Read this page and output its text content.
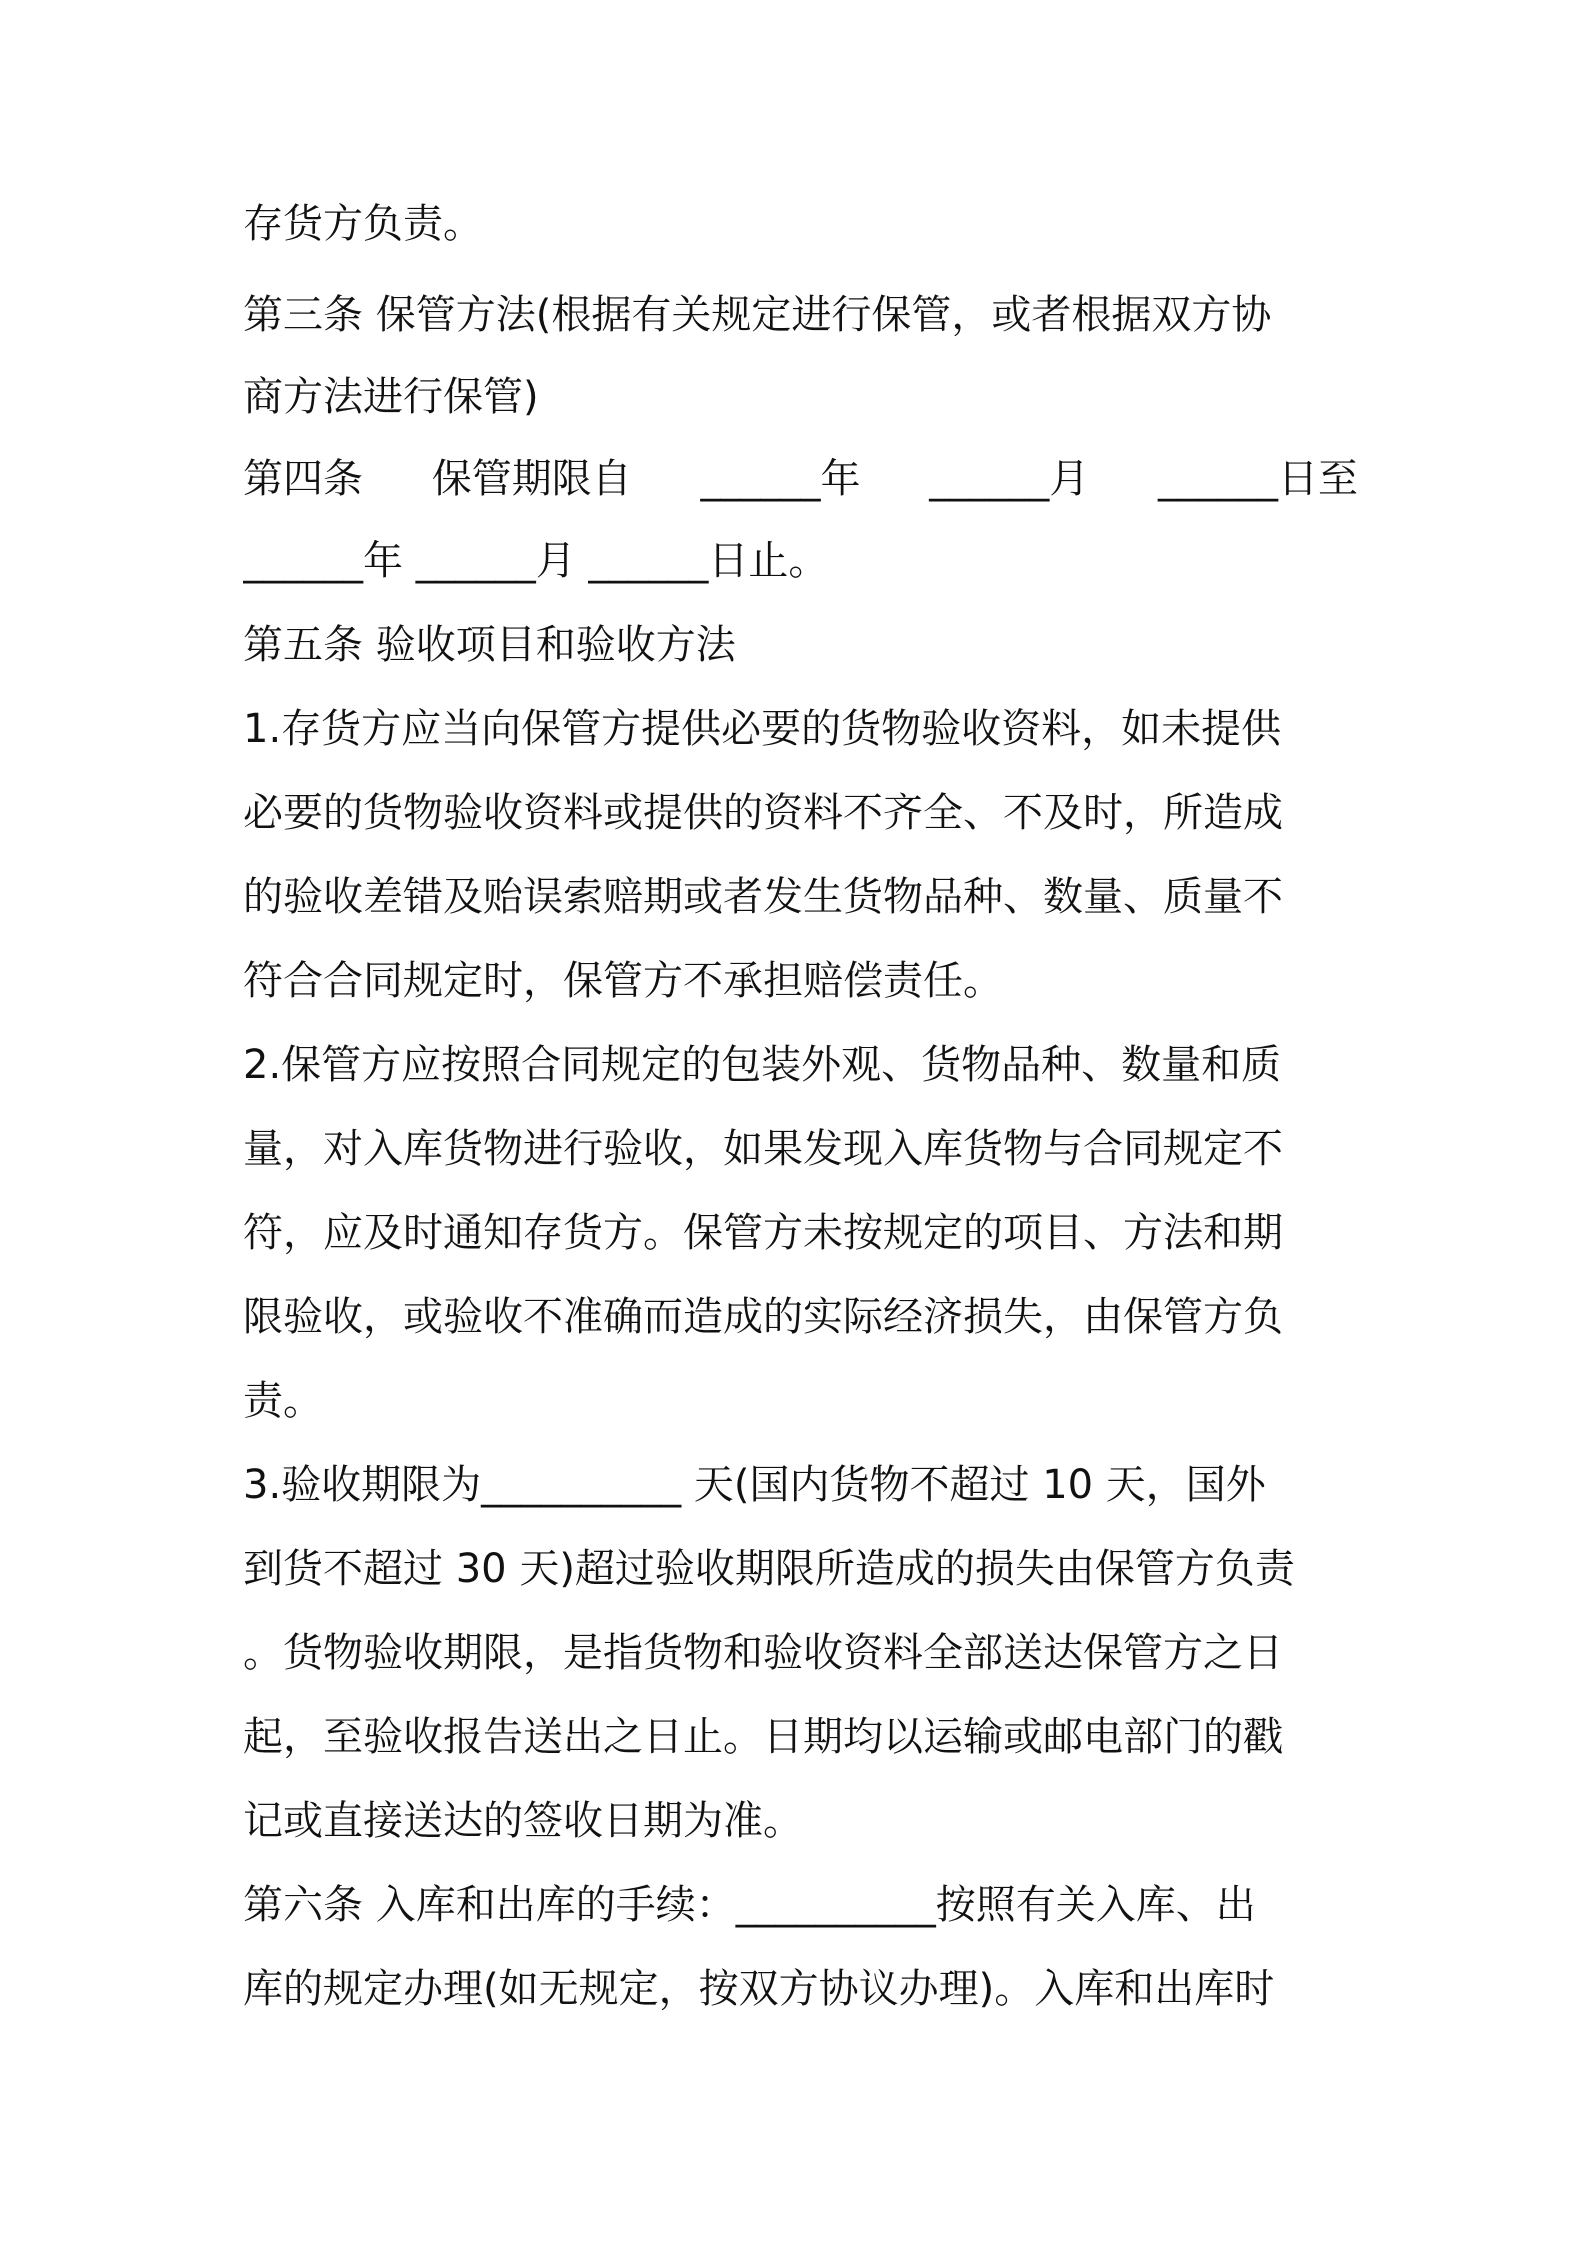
存货方负责。
第三条 保管方法(根据有关规定进行保管，或者根据双方协
商方法进行保管)
第四条 保管期限自 ______年 ______月 ______日至
______年 ______月 ______日止。
第五条 验收项目和验收方法
1.存货方应当向保管方提供必要的货物验收资料，如未提供
必要的货物验收资料或提供的资料不齐全、不及时，所造成
的验收差错及贻误索赔期或者发生货物品种、数量、质量不
符合合同规定时，保管方不承担赔偿责任。
2.保管方应按照合同规定的包装外观、货物品种、数量和质
量，对入库货物进行验收，如果发现入库货物与合同规定不
符，应及时通知存货方。保管方未按规定的项目、方法和期
限验收，或验收不准确而造成的实际经济损失，由保管方负
责。
3.验收期限为__________ 天(国内货物不超过 10 天，国外
到货不超过 30 天)超过验收期限所造成的损失由保管方负责
。货物验收期限，是指货物和验收资料全部送达保管方之日
起，至验收报告送出之日止。日期均以运输或邮电部门的戳
记或直接送达的签收日期为准。
第六条 入库和出库的手续：__________按照有关入库、出
库的规定办理(如无规定，按双方协议办理)。入库和出库时
